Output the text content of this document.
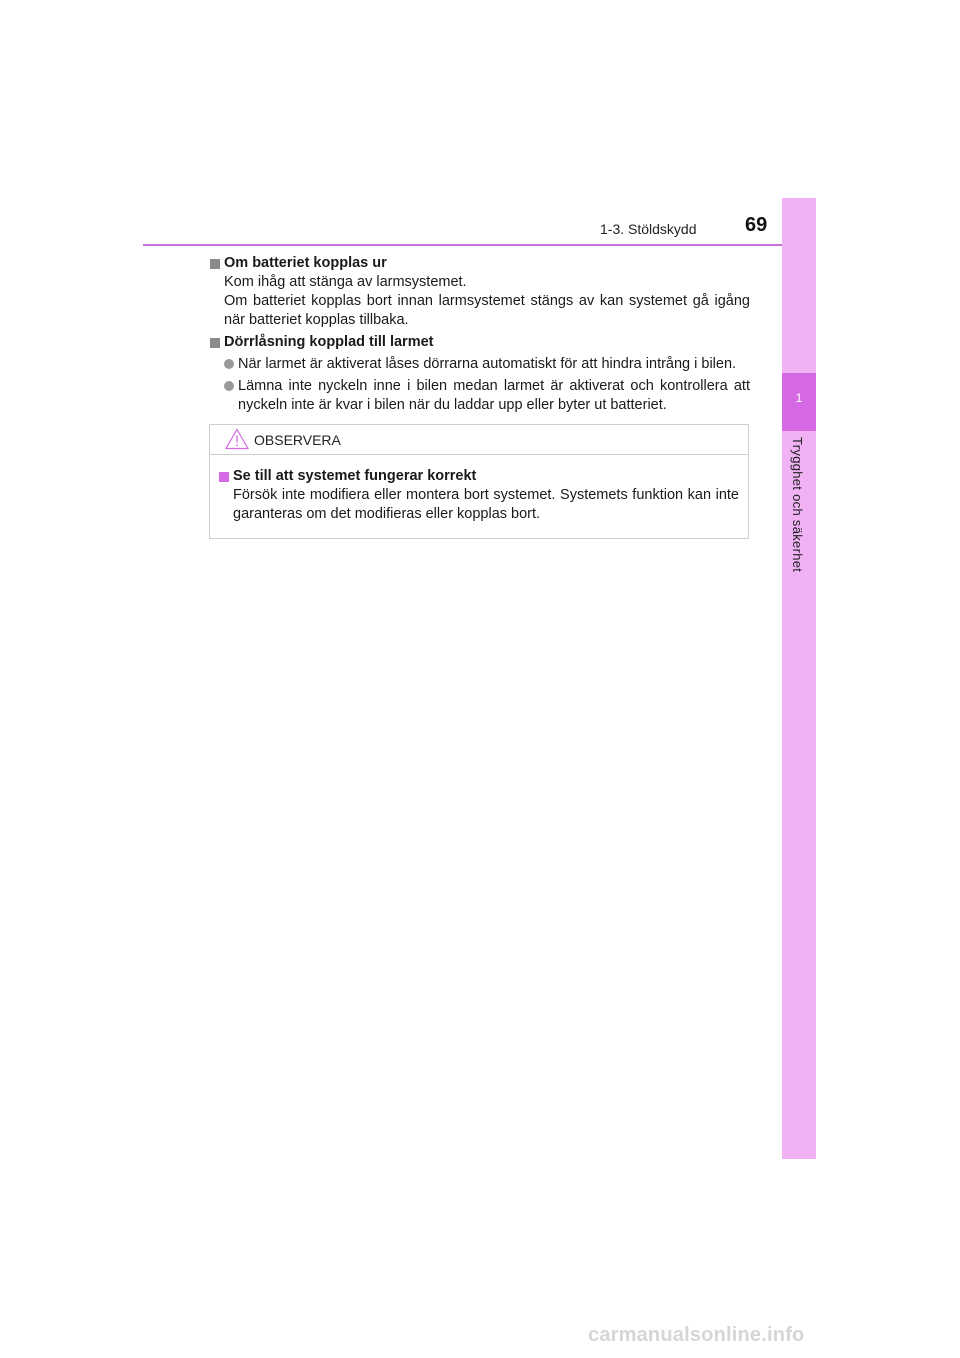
1-3. Stöldskydd 69
1
Trygghet och säkerhet
Om batteriet kopplas ur
Kom ihåg att stänga av larmsystemet.
Om batteriet kopplas bort innan larmsystemet stängs av kan systemet gå igång när batteriet kopplas tillbaka.
Dörrlåsning kopplad till larmet
När larmet är aktiverat låses dörrarna automatiskt för att hindra intrång i bilen.
Lämna inte nyckeln inne i bilen medan larmet är aktiverat och kontrollera att nyckeln inte är kvar i bilen när du laddar upp eller byter ut batteriet.
OBSERVERA
Se till att systemet fungerar korrekt
Försök inte modifiera eller montera bort systemet. Systemets funktion kan inte garanteras om det modifieras eller kopplas bort.
carmanualsonline.info
